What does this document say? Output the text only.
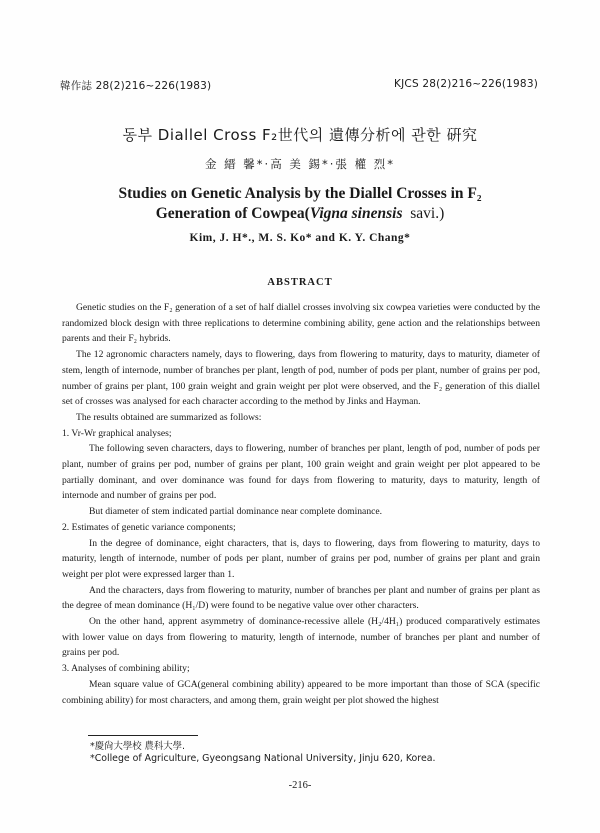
韓作誌 28(2)216~226(1983)	KJCS 28(2)216~226(1983)
동부 Diallel Cross F₂世代의 遺傳分析에 관한 硏究
金 縉 馨*·高 美 錫*·張 權 烈*
Studies on Genetic Analysis by the Diallel Crosses in F₂
Generation of Cowpea(Vigna sinensis savi.)
Kim, J. H*., M. S. Ko* and K. Y. Chang*
ABSTRACT

Genetic studies on the F₂ generation of a set of half diallel crosses involving six cowpea varieties were conducted by the randomized block design with three replications to determine combining ability, gene action and the relationships between parents and their F₂ hybrids.

The 12 agronomic characters namely, days to flowering, days from flowering to maturity, days to maturity, diameter of stem, length of internode, number of branches per plant, length of pod, number of pods per plant, number of grains per pod, number of grains per plant, 100 grain weight and grain weight per plot were observed, and the F₂ generation of this diallel set of crosses was analysed for each character according to the method by Jinks and Hayman.

The results obtained are summarized as follows:

1. Vr-Wr graphical analyses;

The following seven characters, days to flowering, number of branches per plant, length of pod, number of pods per plant, number of grains per pod, number of grains per plant, 100 grain weight and grain weight per plot appeared to be partially dominant, and over dominance was found for days from flowering to maturity, days to maturity, length of internode and number of grains per pod.

But diameter of stem indicated partial dominance near complete dominance.

2. Estimates of genetic variance components;

In the degree of dominance, eight characters, that is, days to flowering, days from flowering to maturity, days to maturity, length of internode, number of pods per plant, number of grains per pod, number of grains per plant and grain weight per plot were expressed larger than 1.

And the characters, days from flowering to maturity, number of branches per plant and number of grains per plant as the degree of mean dominance (H₁/D) were found to be negative value over other characters.

On the other hand, apprent asymmetry of dominance-recessive allele (H₂/4H₁) produced comparatively estimates with lower value on days from flowering to maturity, length of internode, number of branches per plant and number of grains per pod.

3. Analyses of combining ability;

Mean square value of GCA(general combining ability) appeared to be more important than those of SCA (specific combining ability) for most characters, and among them, grain weight per plot showed the highest

*慶尙大學校 農科大學.
*College of Agriculture, Gyeongsang National University, Jinju 620, Korea.
-216-
